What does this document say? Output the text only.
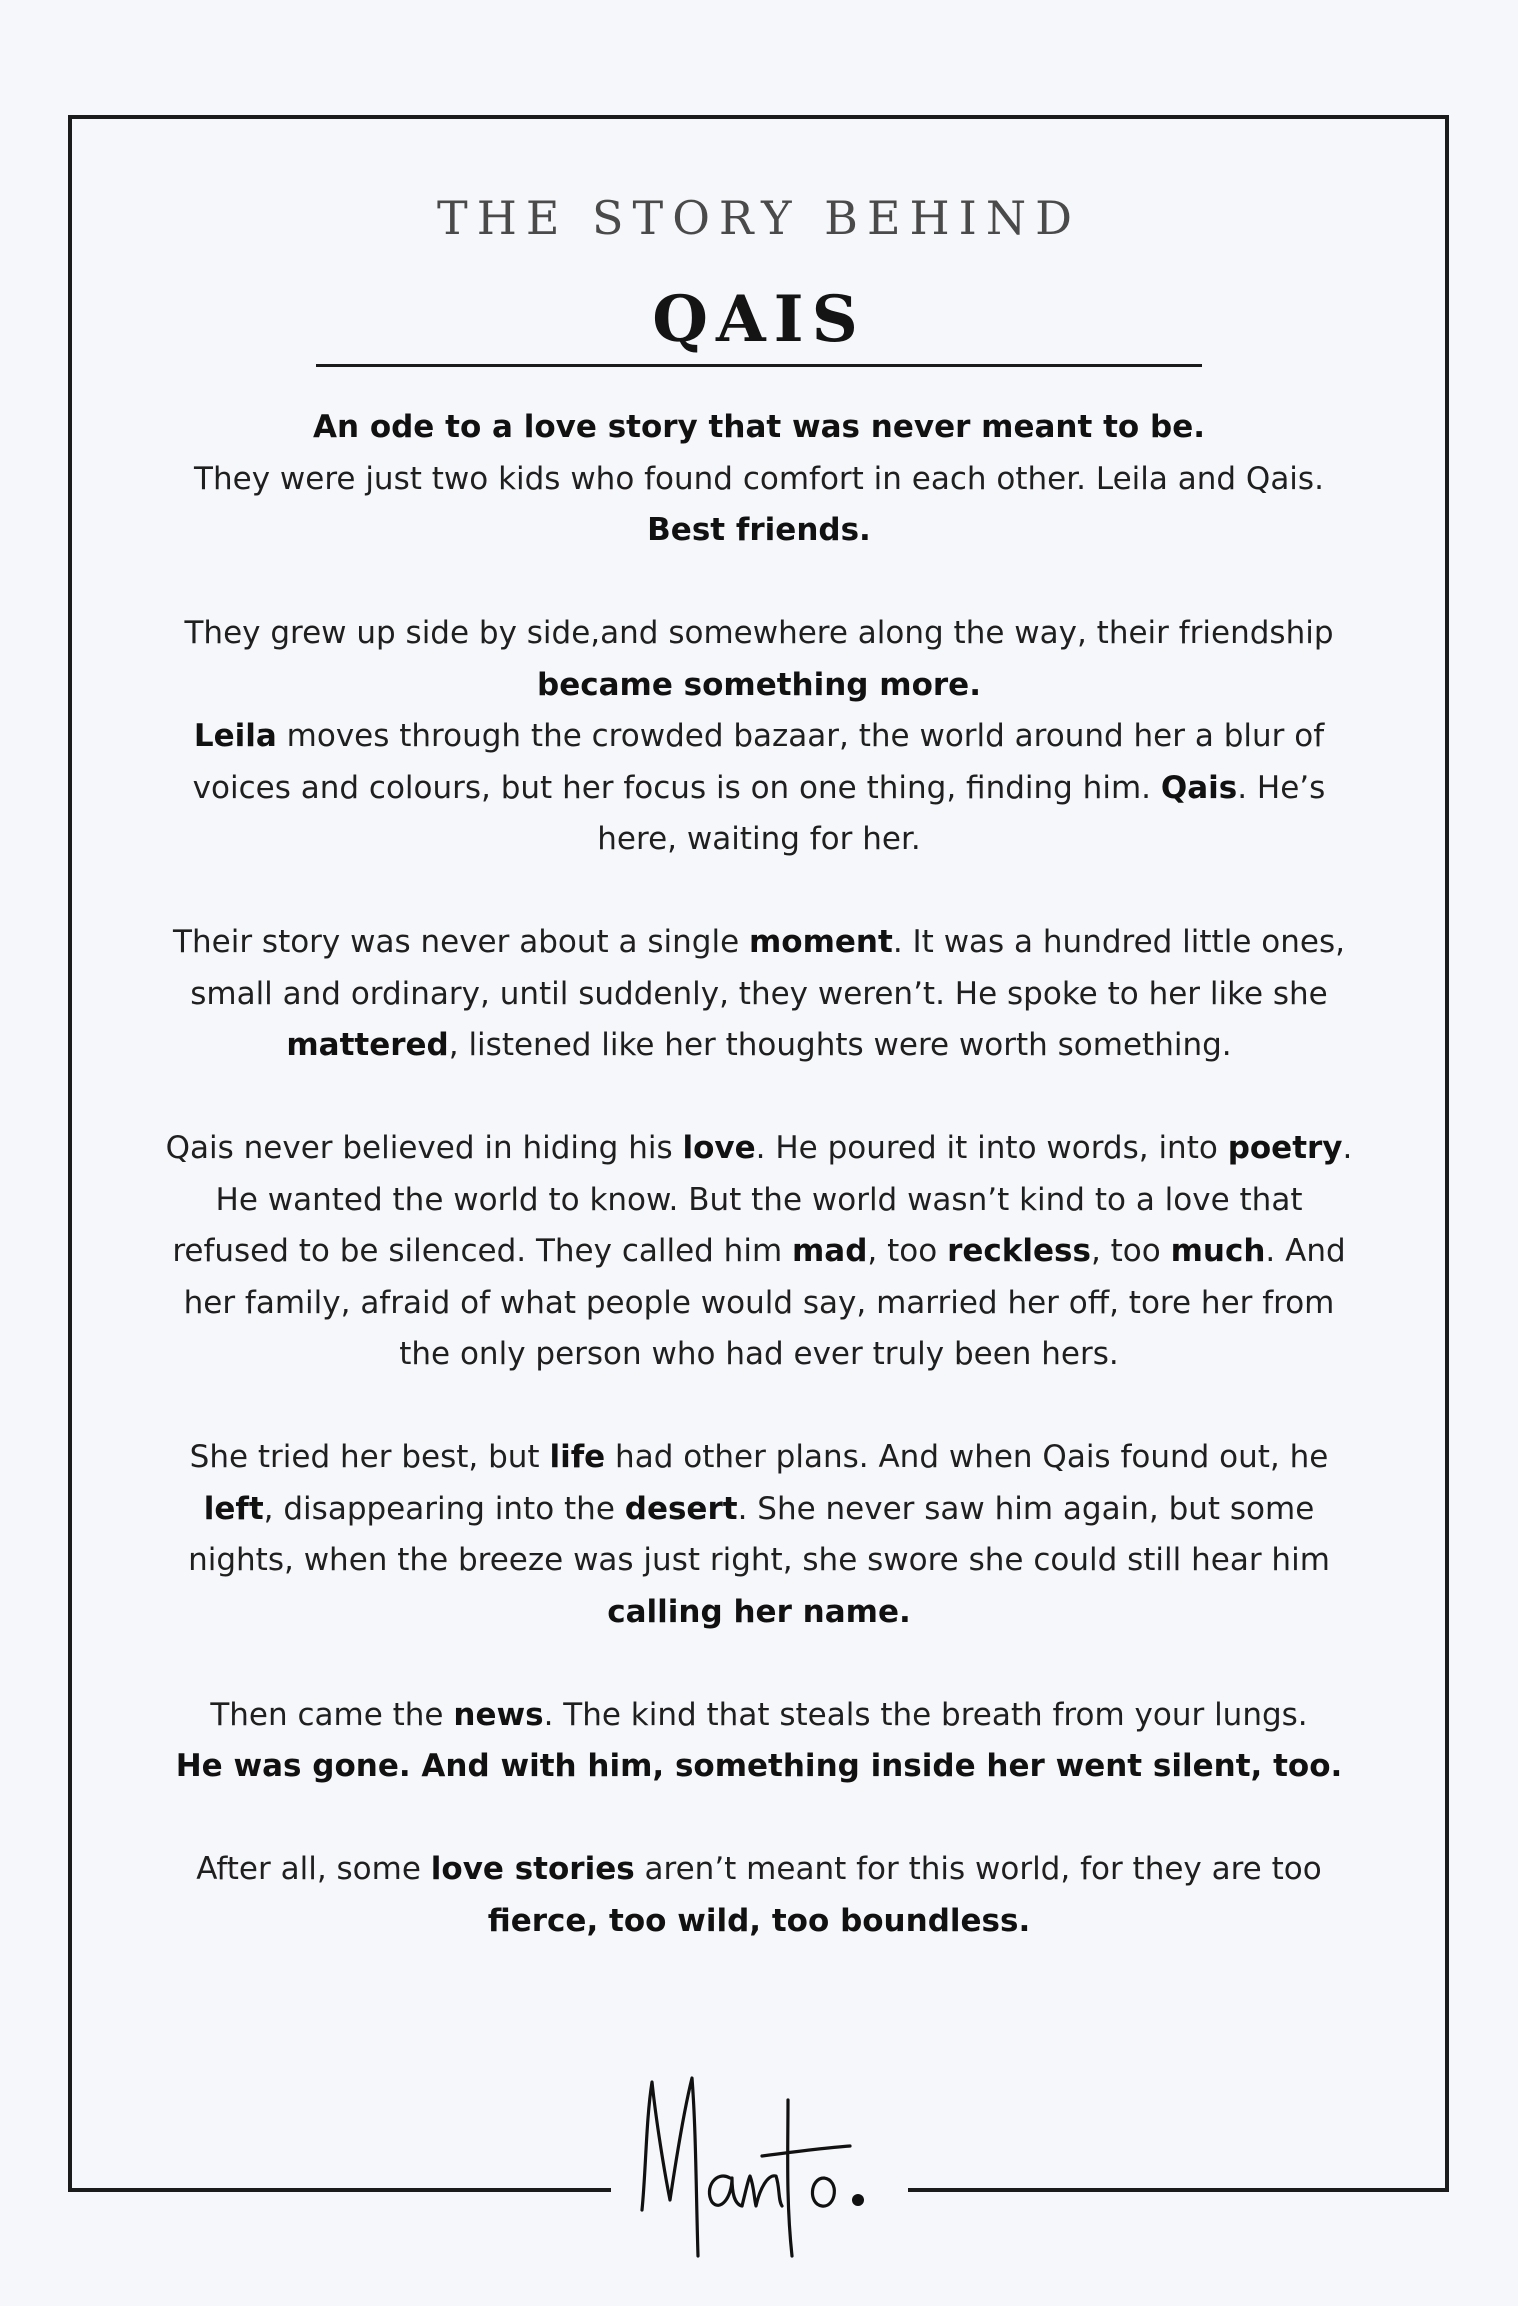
THE STORY BEHIND
QAIS

An ode to a love story that was never meant to be.
They were just two kids who found comfort in each other. Leila and Qais.
Best friends.

They grew up side by side,and somewhere along the way, their friendship
became something more.
Leila moves through the crowded bazaar, the world around her a blur of
voices and colours, but her focus is on one thing, finding him. Qais. He’s
here, waiting for her.

Their story was never about a single moment. It was a hundred little ones,
small and ordinary, until suddenly, they weren’t. He spoke to her like she
mattered, listened like her thoughts were worth something.

Qais never believed in hiding his love. He poured it into words, into poetry.
He wanted the world to know. But the world wasn’t kind to a love that
refused to be silenced. They called him mad, too reckless, too much. And
her family, afraid of what people would say, married her off, tore her from
the only person who had ever truly been hers.

She tried her best, but life had other plans. And when Qais found out, he
left, disappearing into the desert. She never saw him again, but some
nights, when the breeze was just right, she swore she could still hear him
calling her name.

Then came the news. The kind that steals the breath from your lungs.
He was gone. And with him, something inside her went silent, too.

After all, some love stories aren’t meant for this world, for they are too
fierce, too wild, too boundless.
